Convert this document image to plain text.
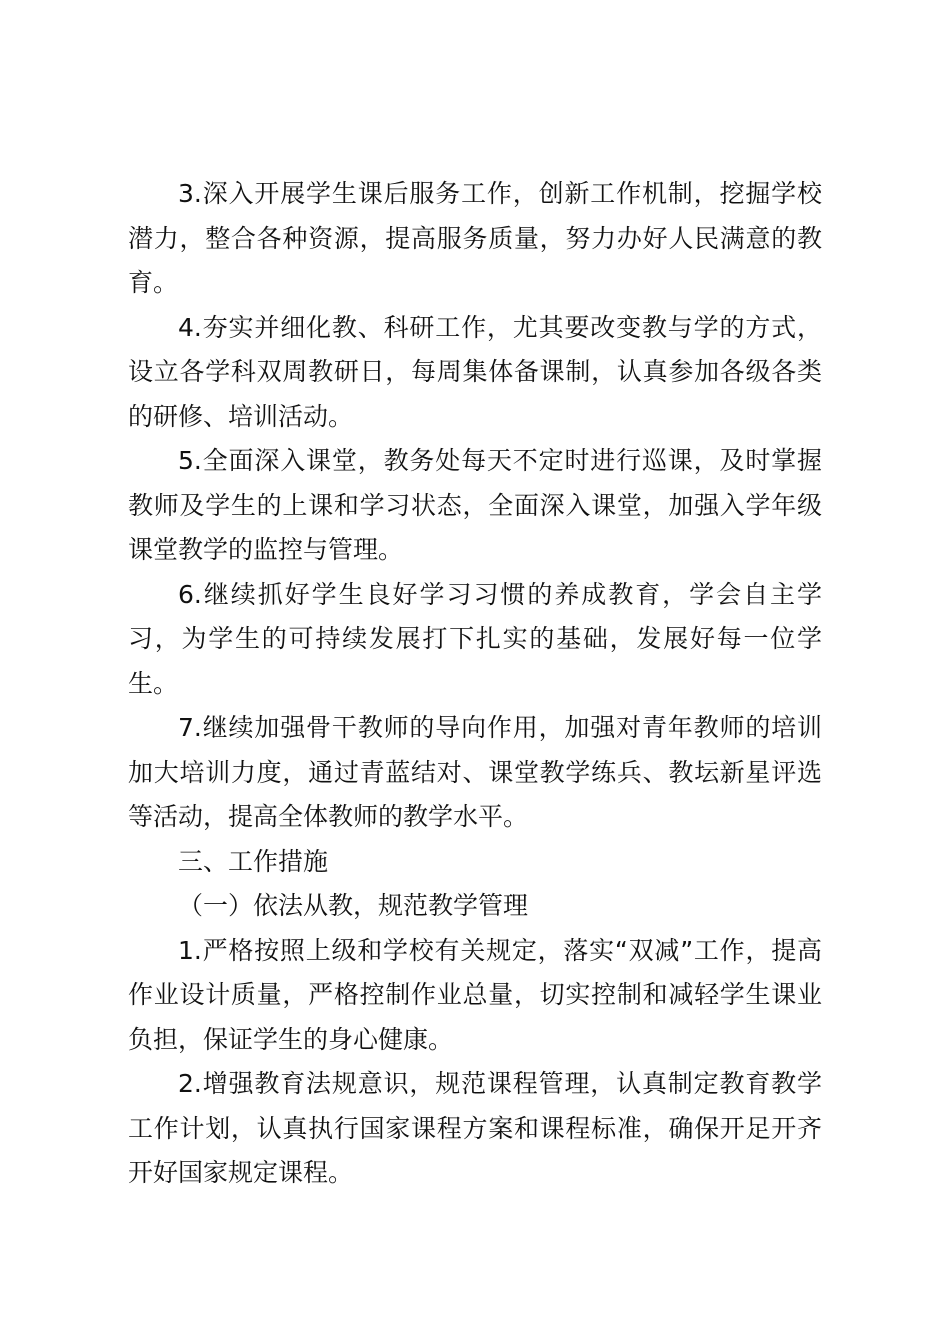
3.深入开展学生课后服务工作，创新工作机制，挖掘学校潜力，整合各种资源，提高服务质量，努力办好人民满意的教育。

4.夯实并细化教、科研工作，尤其要改变教与学的方式，设立各学科双周教研日，每周集体备课制，认真参加各级各类的研修、培训活动。

5.全面深入课堂，教务处每天不定时进行巡课，及时掌握教师及学生的上课和学习状态，全面深入课堂，加强入学年级课堂教学的监控与管理。

6.继续抓好学生良好学习习惯的养成教育，学会自主学习，为学生的可持续发展打下扎实的基础，发展好每一位学生。

7.继续加强骨干教师的导向作用，加强对青年教师的培训加大培训力度，通过青蓝结对、课堂教学练兵、教坛新星评选等活动，提高全体教师的教学水平。

三、工作措施

（一）依法从教，规范教学管理

1.严格按照上级和学校有关规定，落实“双减”工作，提高作业设计质量，严格控制作业总量，切实控制和减轻学生课业负担，保证学生的身心健康。

2.增强教育法规意识，规范课程管理，认真制定教育教学工作计划，认真执行国家课程方案和课程标准，确保开足开齐开好国家规定课程。
